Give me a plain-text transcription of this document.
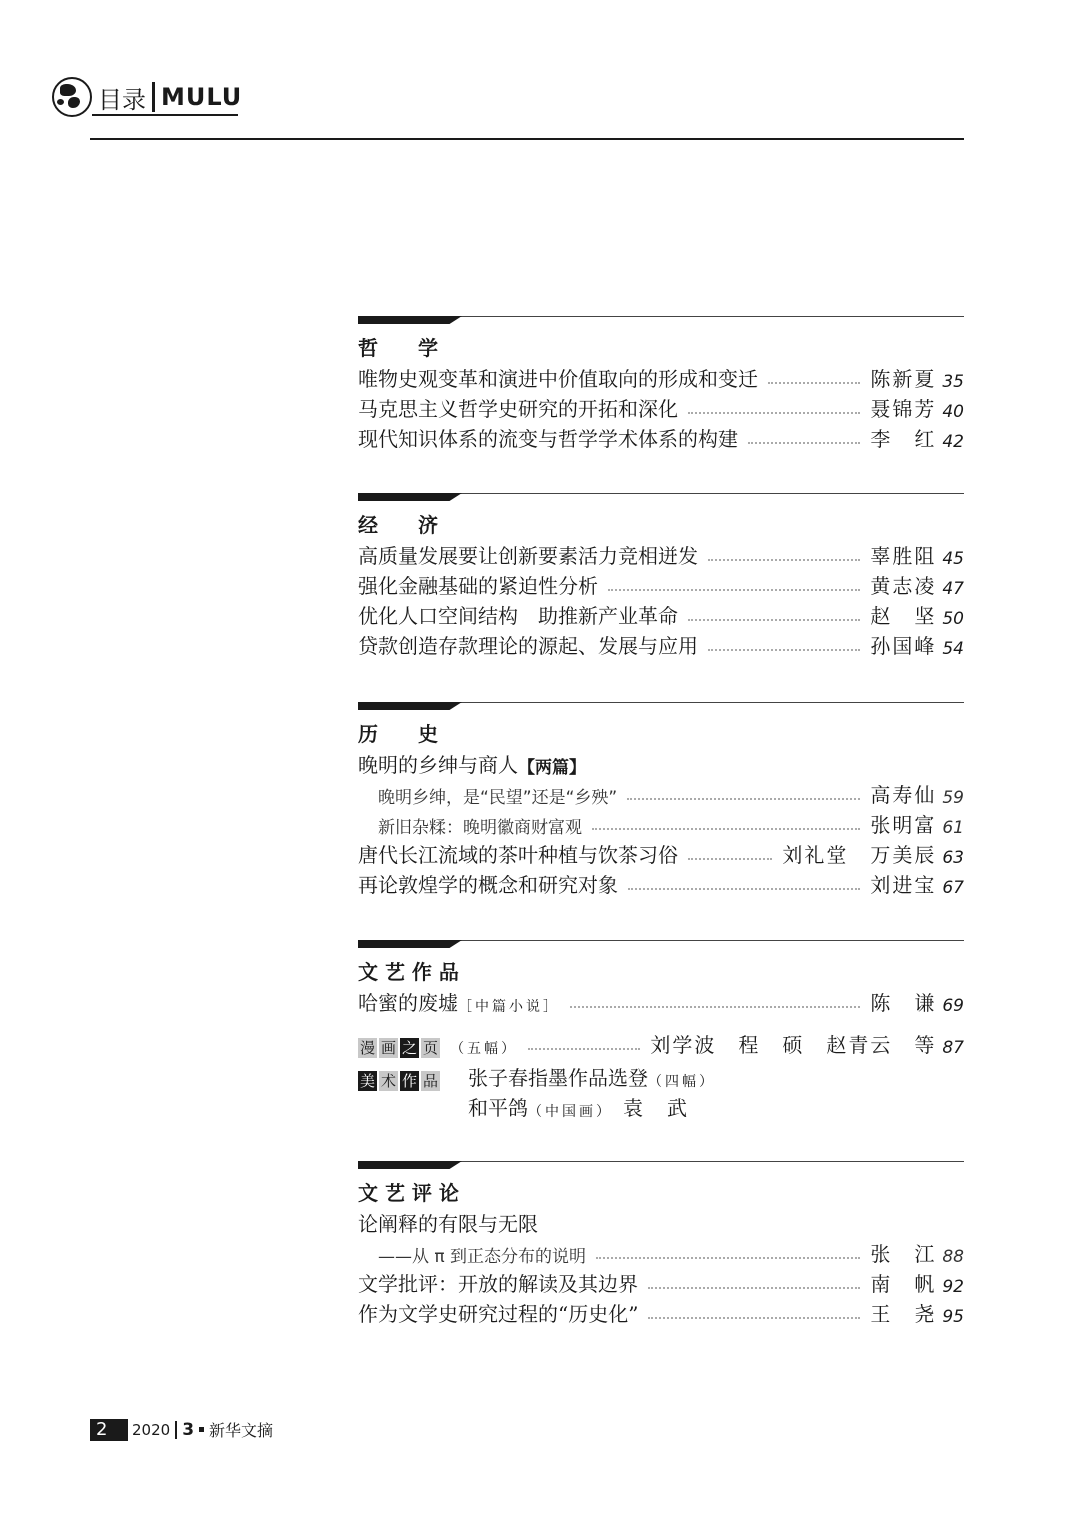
目录 MULU
哲　　学
唯物史观变革和演进中价值取向的形成和变迁	陈新夏 35
马克思主义哲学史研究的开拓和深化	聂锦芳 40
现代知识体系的流变与哲学学术体系的构建	李　红 42
经　　济
高质量发展要让创新要素活力竞相迸发	辜胜阻 45
强化金融基础的紧迫性分析	黄志凌 47
优化人口空间结构　助推新产业革命	赵　坚 50
贷款创造存款理论的源起、发展与应用	孙国峰 54
历　　史
晚明的乡绅与商人 【两篇】
晚明乡绅，是“民望”还是“乡殃”	高寿仙 59
新旧杂糅：晚明徽商财富观	张明富 61
唐代长江流域的茶叶种植与饮茶习俗	刘礼堂　万美辰 63
再论敦煌学的概念和研究对象	刘进宝 67
文 艺 作 品
哈蜜的废墟 ［中篇小说］	陈　谦 69
漫 画 之 页 （五幅）	刘学波　程　硕　赵青云　等 87
美 术 作 品	张子春指墨作品选登 （四幅）
和平鸽 （中国画） 袁　武
文 艺 评 论
论阐释的有限与无限
——从 π 到正态分布的说明	张　江 88
文学批评：开放的解读及其边界	南　帆 92
作为文学史研究过程的“历史化”	王　尧 95
2	2020 3 新华文摘
